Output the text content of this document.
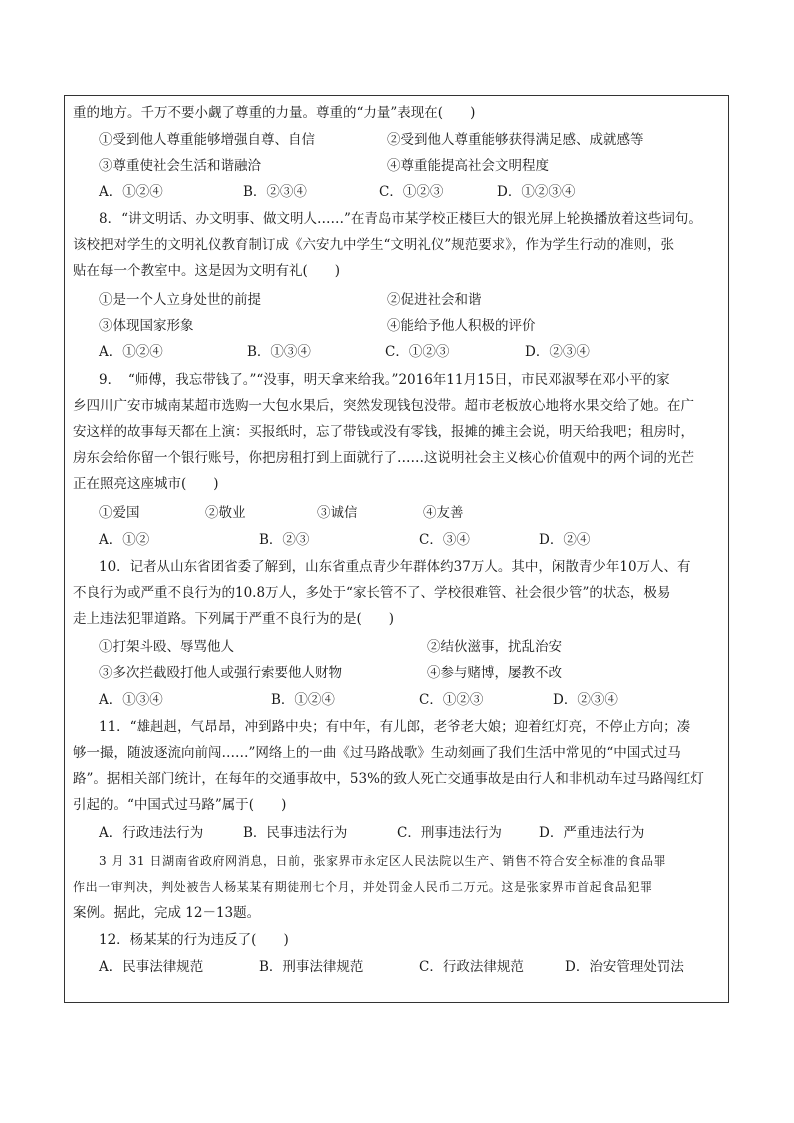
重的地方。千万不要小觑了尊重的力量。尊重的“力量”表现在(　　)
①受到他人尊重能够增强自尊、自信	②受到他人尊重能够获得满足感、成就感等
③尊重使社会生活和谐融洽	④尊重能提高社会文明程度
A．①②④	B．②③④	C．①②③	D．①②③④
8．“讲文明话、办文明事、做文明人……”在青岛市某学校正楼巨大的银光屏上轮换播放着这些词句。
该校把对学生的文明礼仪教育制订成《六安九中学生“文明礼仪”规范要求》，作为学生行动的准则，张
贴在每一个教室中。这是因为文明有礼(　　)
①是一个人立身处世的前提	②促进社会和谐
③体现国家形象	④能给予他人积极的评价
A．①②④	B．①③④	C．①②③	D．②③④
9．　“师傅，我忘带钱了。”“没事，明天拿来给我。”2016年11月15日，市民邓淑琴在邓小平的家
乡四川广安市城南某超市选购一大包水果后，突然发现钱包没带。超市老板放心地将水果交给了她。在广
安这样的故事每天都在上演：买报纸时，忘了带钱或没有零钱，报摊的摊主会说，明天给我吧；租房时，
房东会给你留一个银行账号，你把房租打到上面就行了……这说明社会主义核心价值观中的两个词的光芒
正在照亮这座城市(　　)
①爱国	②敬业	③诚信	④友善
A．①②	B．②③	C．③④	D．②④
10．记者从山东省团省委了解到，山东省重点青少年群体约37万人。其中，闲散青少年10万人、有
不良行为或严重不良行为的10.8万人，多处于“家长管不了、学校很难管、社会很少管”的状态，极易
走上违法犯罪道路。下列属于严重不良行为的是(　　)
①打架斗殴、辱骂他人	②结伙滋事，扰乱治安
③多次拦截殴打他人或强行索要他人财物	④参与赌博，屡教不改
A．①③④	B．①②④	C．①②③	D．②③④
11．“雄赳赳，气昂昂，冲到路中央；有中年，有儿郎，老爷老大娘；迎着红灯亮，不停止方向；凑
够一撮，随波逐流向前闯……”网络上的一曲《过马路战歌》生动刻画了我们生活中常见的“中国式过马
路”。据相关部门统计，在每年的交通事故中，53%的致人死亡交通事故是由行人和非机动车过马路闯红灯
引起的。“中国式过马路”属于(　　)
A．行政违法行为	B．民事违法行为	C．刑事违法行为	D．严重违法行为
3 月 31 日湖南省政府网消息，日前，张家界市永定区人民法院以生产、销售不符合安全标准的食品罪
作出一审判决，判处被告人杨某某有期徒刑七个月，并处罚金人民币二万元。这是张家界市首起食品犯罪
案例。据此，完成 12－13题。
12．杨某某的行为违反了(　　)
A．民事法律规范	B．刑事法律规范	C．行政法律规范	D．治安管理处罚法
